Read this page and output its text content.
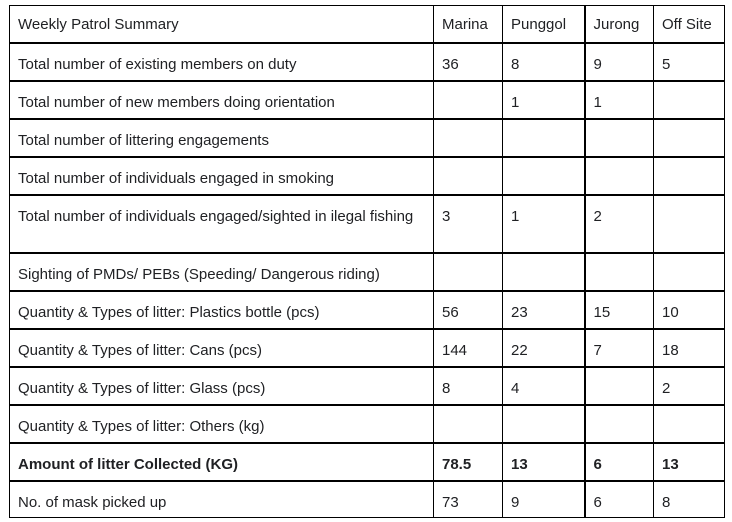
Weekly Patrol Summary	Marina	Punggol	Jurong	Off Site
Total number of existing members on duty	36	8	9	5
Total number of new members doing orientation		1	1	
Total number of littering engagements				
Total number of individuals engaged in smoking				
Total number of individuals engaged/sighted in ilegal fishing	3	1	2	
Sighting of PMDs/ PEBs (Speeding/ Dangerous riding)				
Quantity & Types of litter: Plastics bottle (pcs)	56	23	15	10
Quantity & Types of litter: Cans (pcs)	144	22	7	18
Quantity & Types of litter: Glass (pcs)	8	4		2
Quantity & Types of litter: Others (kg)				
Amount of litter Collected (KG)	78.5	13	6	13
No. of mask picked up	73	9	6	8
